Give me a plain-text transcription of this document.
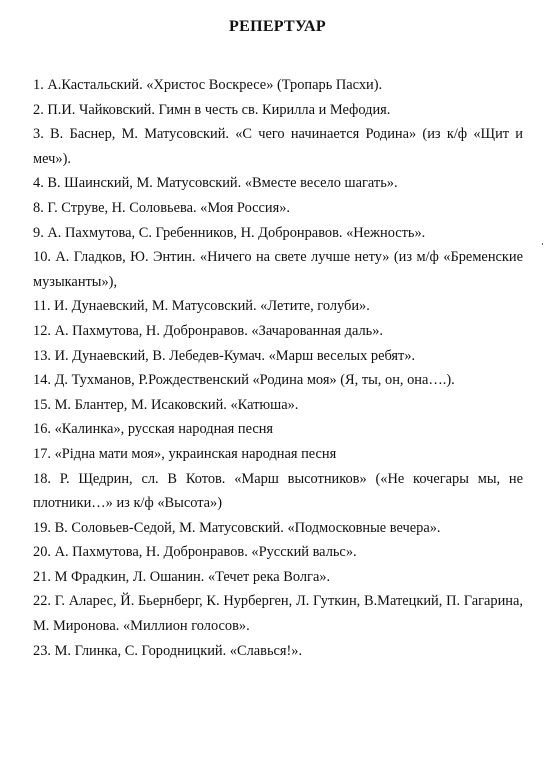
РЕПЕРТУАР
1. А.Кастальский. «Христос Воскресе» (Тропарь Пасхи).
2. П.И. Чайковский. Гимн в честь св. Кирилла и Мефодия.
3. В. Баснер, М. Матусовский. «С чего начинается Родина» (из к/ф «Щит и меч»).
4. В. Шаинский, М. Матусовский. «Вместе весело шагать».
8. Г. Струве, Н. Соловьева. «Моя Россия».
9. А. Пахмутова, С. Гребенников, Н. Добронравов. «Нежность».
10. А. Гладков, Ю. Энтин. «Ничего на свете лучше нету» (из м/ф «Бременские музыканты»),
11. И. Дунаевский, М. Матусовский. «Летите, голуби».
12. А. Пахмутова, Н. Добронравов. «Зачарованная даль».
13. И. Дунаевский, В. Лебедев-Кумач. «Марш веселых ребят».
14. Д. Тухманов, Р.Рождественский «Родина моя» (Я, ты, он, она….).
15. М. Блантер, М. Исаковский. «Катюша».
16. «Калинка», русская народная песня
17. «Рідна мати моя», украинская народная песня
18. Р. Щедрин, сл. В Котов. «Марш высотников» («Не кочегары мы, не плотники…» из к/ф «Высота»)
19. В. Соловьев-Седой, М. Матусовский. «Подмосковные вечера».
20. А. Пахмутова, Н. Добронравов. «Русский вальс».
21. М Фрадкин, Л. Ошанин. «Течет река Волга».
22. Г. Аларес, Й. Бьернберг, К. Нурберген, Л. Гуткин, В.Матецкий, П. Гагарина, М. Миронова. «Миллион голосов».
23. М. Глинка, С. Городницкий. «Славься!».
